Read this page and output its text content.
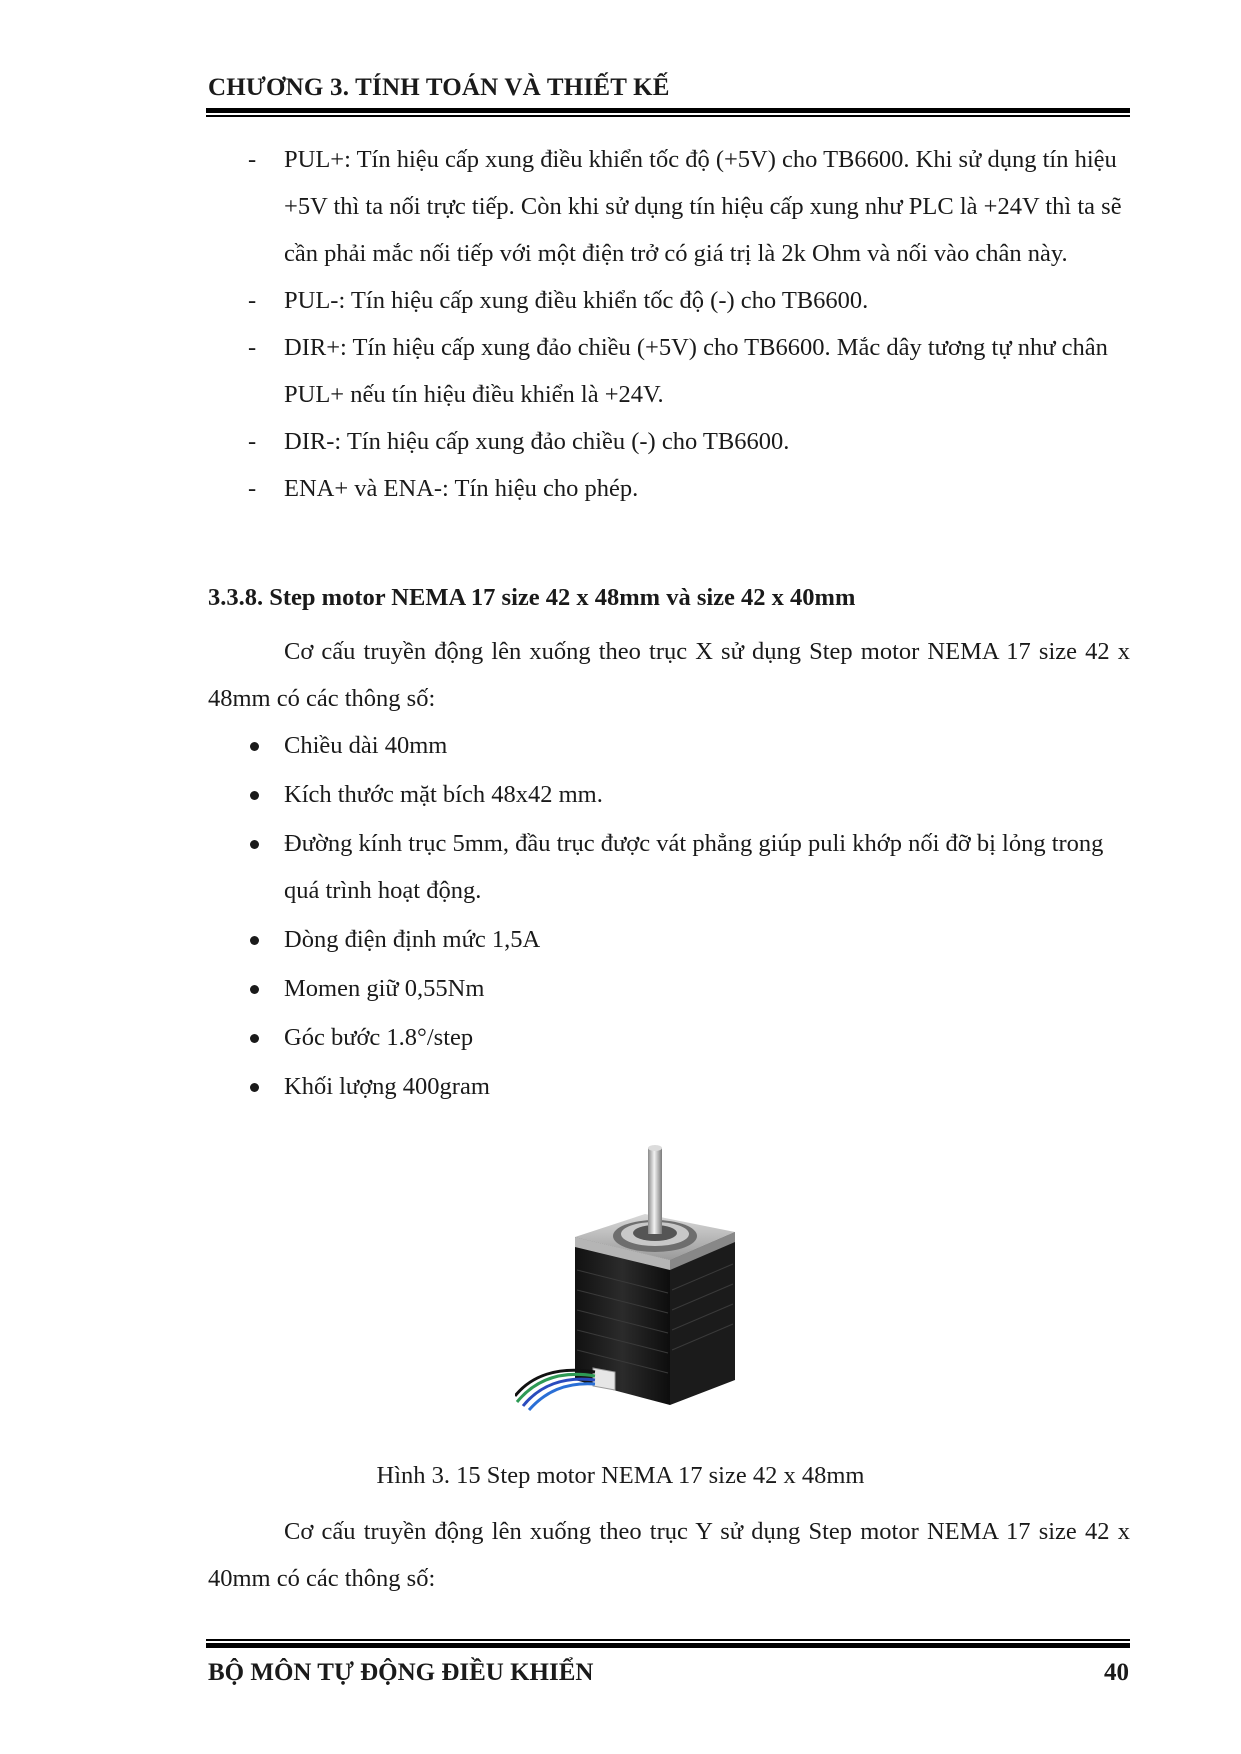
CHƯƠNG 3. TÍNH TOÁN VÀ THIẾT KẾ
- PUL+: Tín hiệu cấp xung điều khiển tốc độ (+5V) cho TB6600. Khi sử dụng tín hiệu +5V thì ta nối trực tiếp. Còn khi sử dụng tín hiệu cấp xung như PLC là +24V thì ta sẽ cần phải mắc nối tiếp với một điện trở có giá trị là 2k Ohm và nối vào chân này.
- PUL-: Tín hiệu cấp xung điều khiển tốc độ (-) cho TB6600.
- DIR+: Tín hiệu cấp xung đảo chiều (+5V) cho TB6600. Mắc dây tương tự như chân PUL+ nếu tín hiệu điều khiển là +24V.
- DIR-: Tín hiệu cấp xung đảo chiều (-) cho TB6600.
- ENA+ và ENA-: Tín hiệu cho phép.
3.3.8. Step motor NEMA 17 size 42 x 48mm và size 42 x 40mm

Cơ cấu truyền động lên xuống theo trục X sử dụng Step motor NEMA 17 size 42 x 48mm có các thông số:

Chiều dài 40mm
Kích thước mặt bích 48x42 mm.
Đường kính trục 5mm, đầu trục được vát phẳng giúp puli khớp nối đỡ bị lỏng trong quá trình hoạt động.
Dòng điện định mức 1,5A
Momen giữ 0,55Nm
Góc bước 1.8°/step
Khối lượng 400gram
Hình 3. 15 Step motor NEMA 17 size 42 x 48mm

Cơ cấu truyền động lên xuống theo trục Y sử dụng Step motor NEMA 17 size 42 x 40mm có các thông số:

BỘ MÔN TỰ ĐỘNG ĐIỀU KHIỂN	40
